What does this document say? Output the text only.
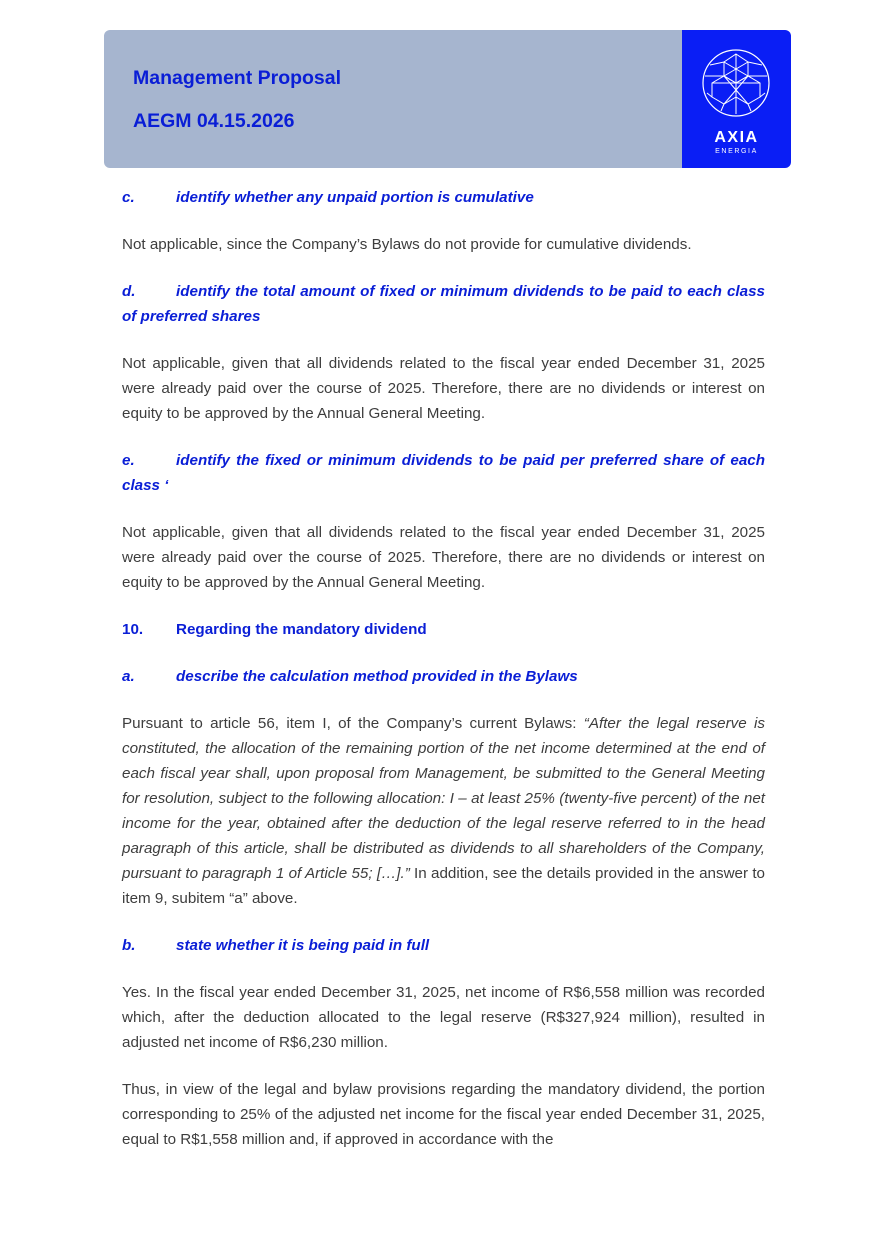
Management Proposal
AEGM 04.15.2026
AXIA
ENERGIA
c.	identify whether any unpaid portion is cumulative
Not applicable, since the Company’s Bylaws do not provide for cumulative dividends.
d.	identify the total amount of fixed or minimum dividends to be paid to each class of preferred shares
Not applicable, given that all dividends related to the fiscal year ended December 31, 2025 were already paid over the course of 2025. Therefore, there are no dividends or interest on equity to be approved by the Annual General Meeting.
e.	identify the fixed or minimum dividends to be paid per preferred share of each class ‘
Not applicable, given that all dividends related to the fiscal year ended December 31, 2025 were already paid over the course of 2025. Therefore, there are no dividends or interest on equity to be approved by the Annual General Meeting.
10. Regarding the mandatory dividend
a.	describe the calculation method provided in the Bylaws
Pursuant to article 56, item I, of the Company’s current Bylaws: “After the legal reserve is constituted, the allocation of the remaining portion of the net income determined at the end of each fiscal year shall, upon proposal from Management, be submitted to the General Meeting for resolution, subject to the following allocation: I – at least 25% (twenty-five percent) of the net income for the year, obtained after the deduction of the legal reserve referred to in the head paragraph of this article, shall be distributed as dividends to all shareholders of the Company, pursuant to paragraph 1 of Article 55; […].” In addition, see the details provided in the answer to item 9, subitem “a” above.
b.	state whether it is being paid in full
Yes. In the fiscal year ended December 31, 2025, net income of R$6,558 million was recorded which, after the deduction allocated to the legal reserve (R$327,924 million), resulted in adjusted net income of R$6,230 million.
Thus, in view of the legal and bylaw provisions regarding the mandatory dividend, the portion corresponding to 25% of the adjusted net income for the fiscal year ended December 31, 2025, equal to R$1,558 million and, if approved in accordance with the
